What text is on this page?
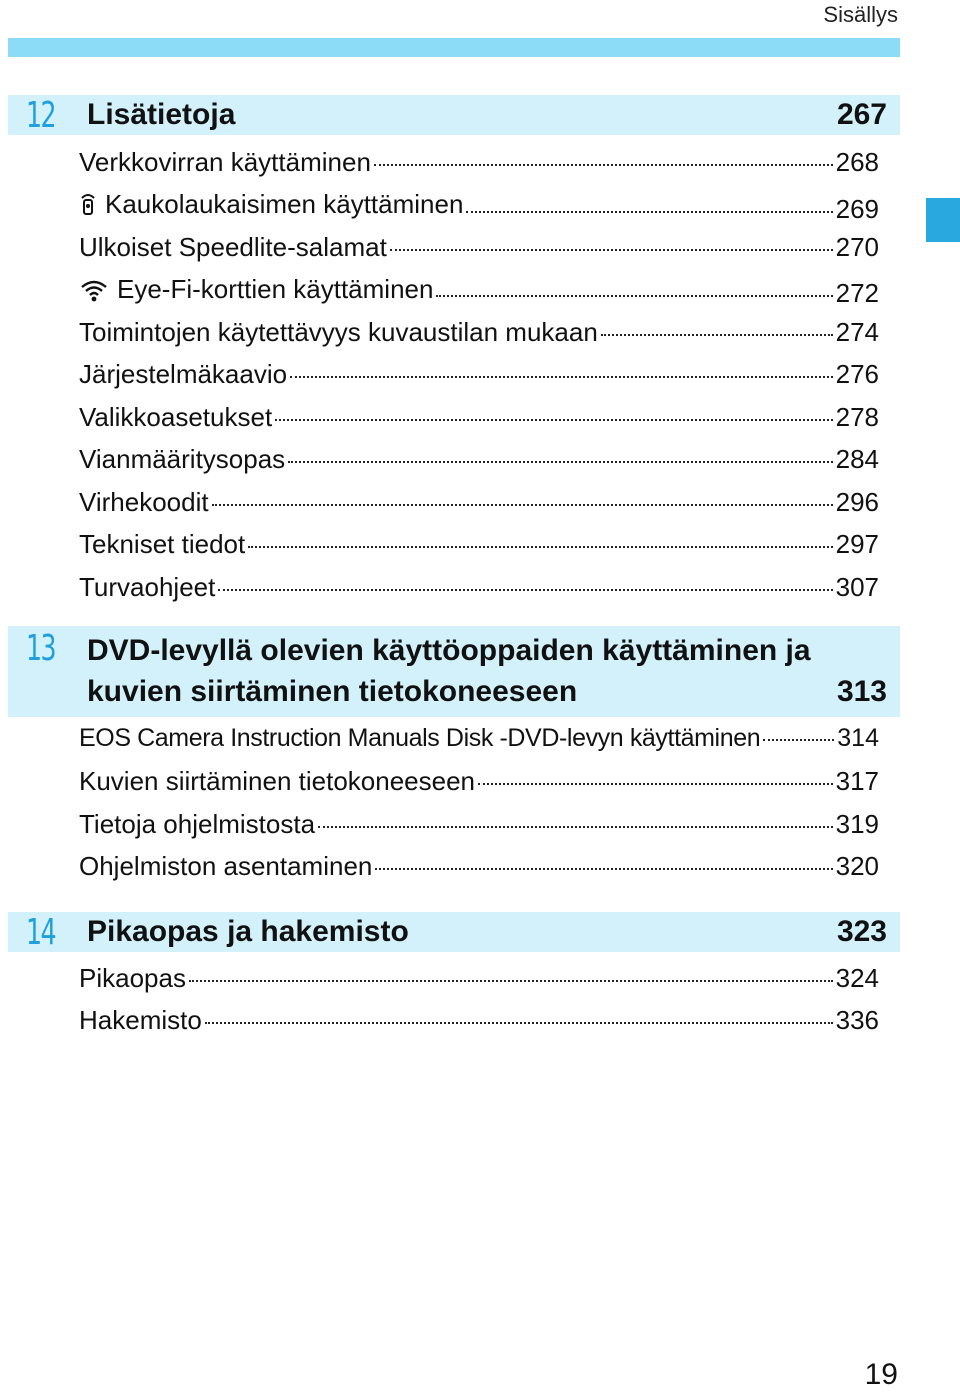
Sisällys
12 Lisätietoja	267
Verkkovirran käyttäminen	268
Kaukolaukaisimen käyttäminen	269
Ulkoiset Speedlite-salamat	270
Eye-Fi-korttien käyttäminen	272
Toimintojen käytettävyys kuvaustilan mukaan	274
Järjestelmäkaavio	276
Valikkoasetukset	278
Vianmääritysopas	284
Virhekoodit	296
Tekniset tiedot	297
Turvaohjeet	307
13 DVD-levyllä olevien käyttöoppaiden käyttäminen ja
kuvien siirtäminen tietokoneeseen	313
EOS Camera Instruction Manuals Disk -DVD-levyn käyttäminen	314
Kuvien siirtäminen tietokoneeseen	317
Tietoja ohjelmistosta	319
Ohjelmiston asentaminen	320
14 Pikaopas ja hakemisto	323
Pikaopas	324
Hakemisto	336
19
